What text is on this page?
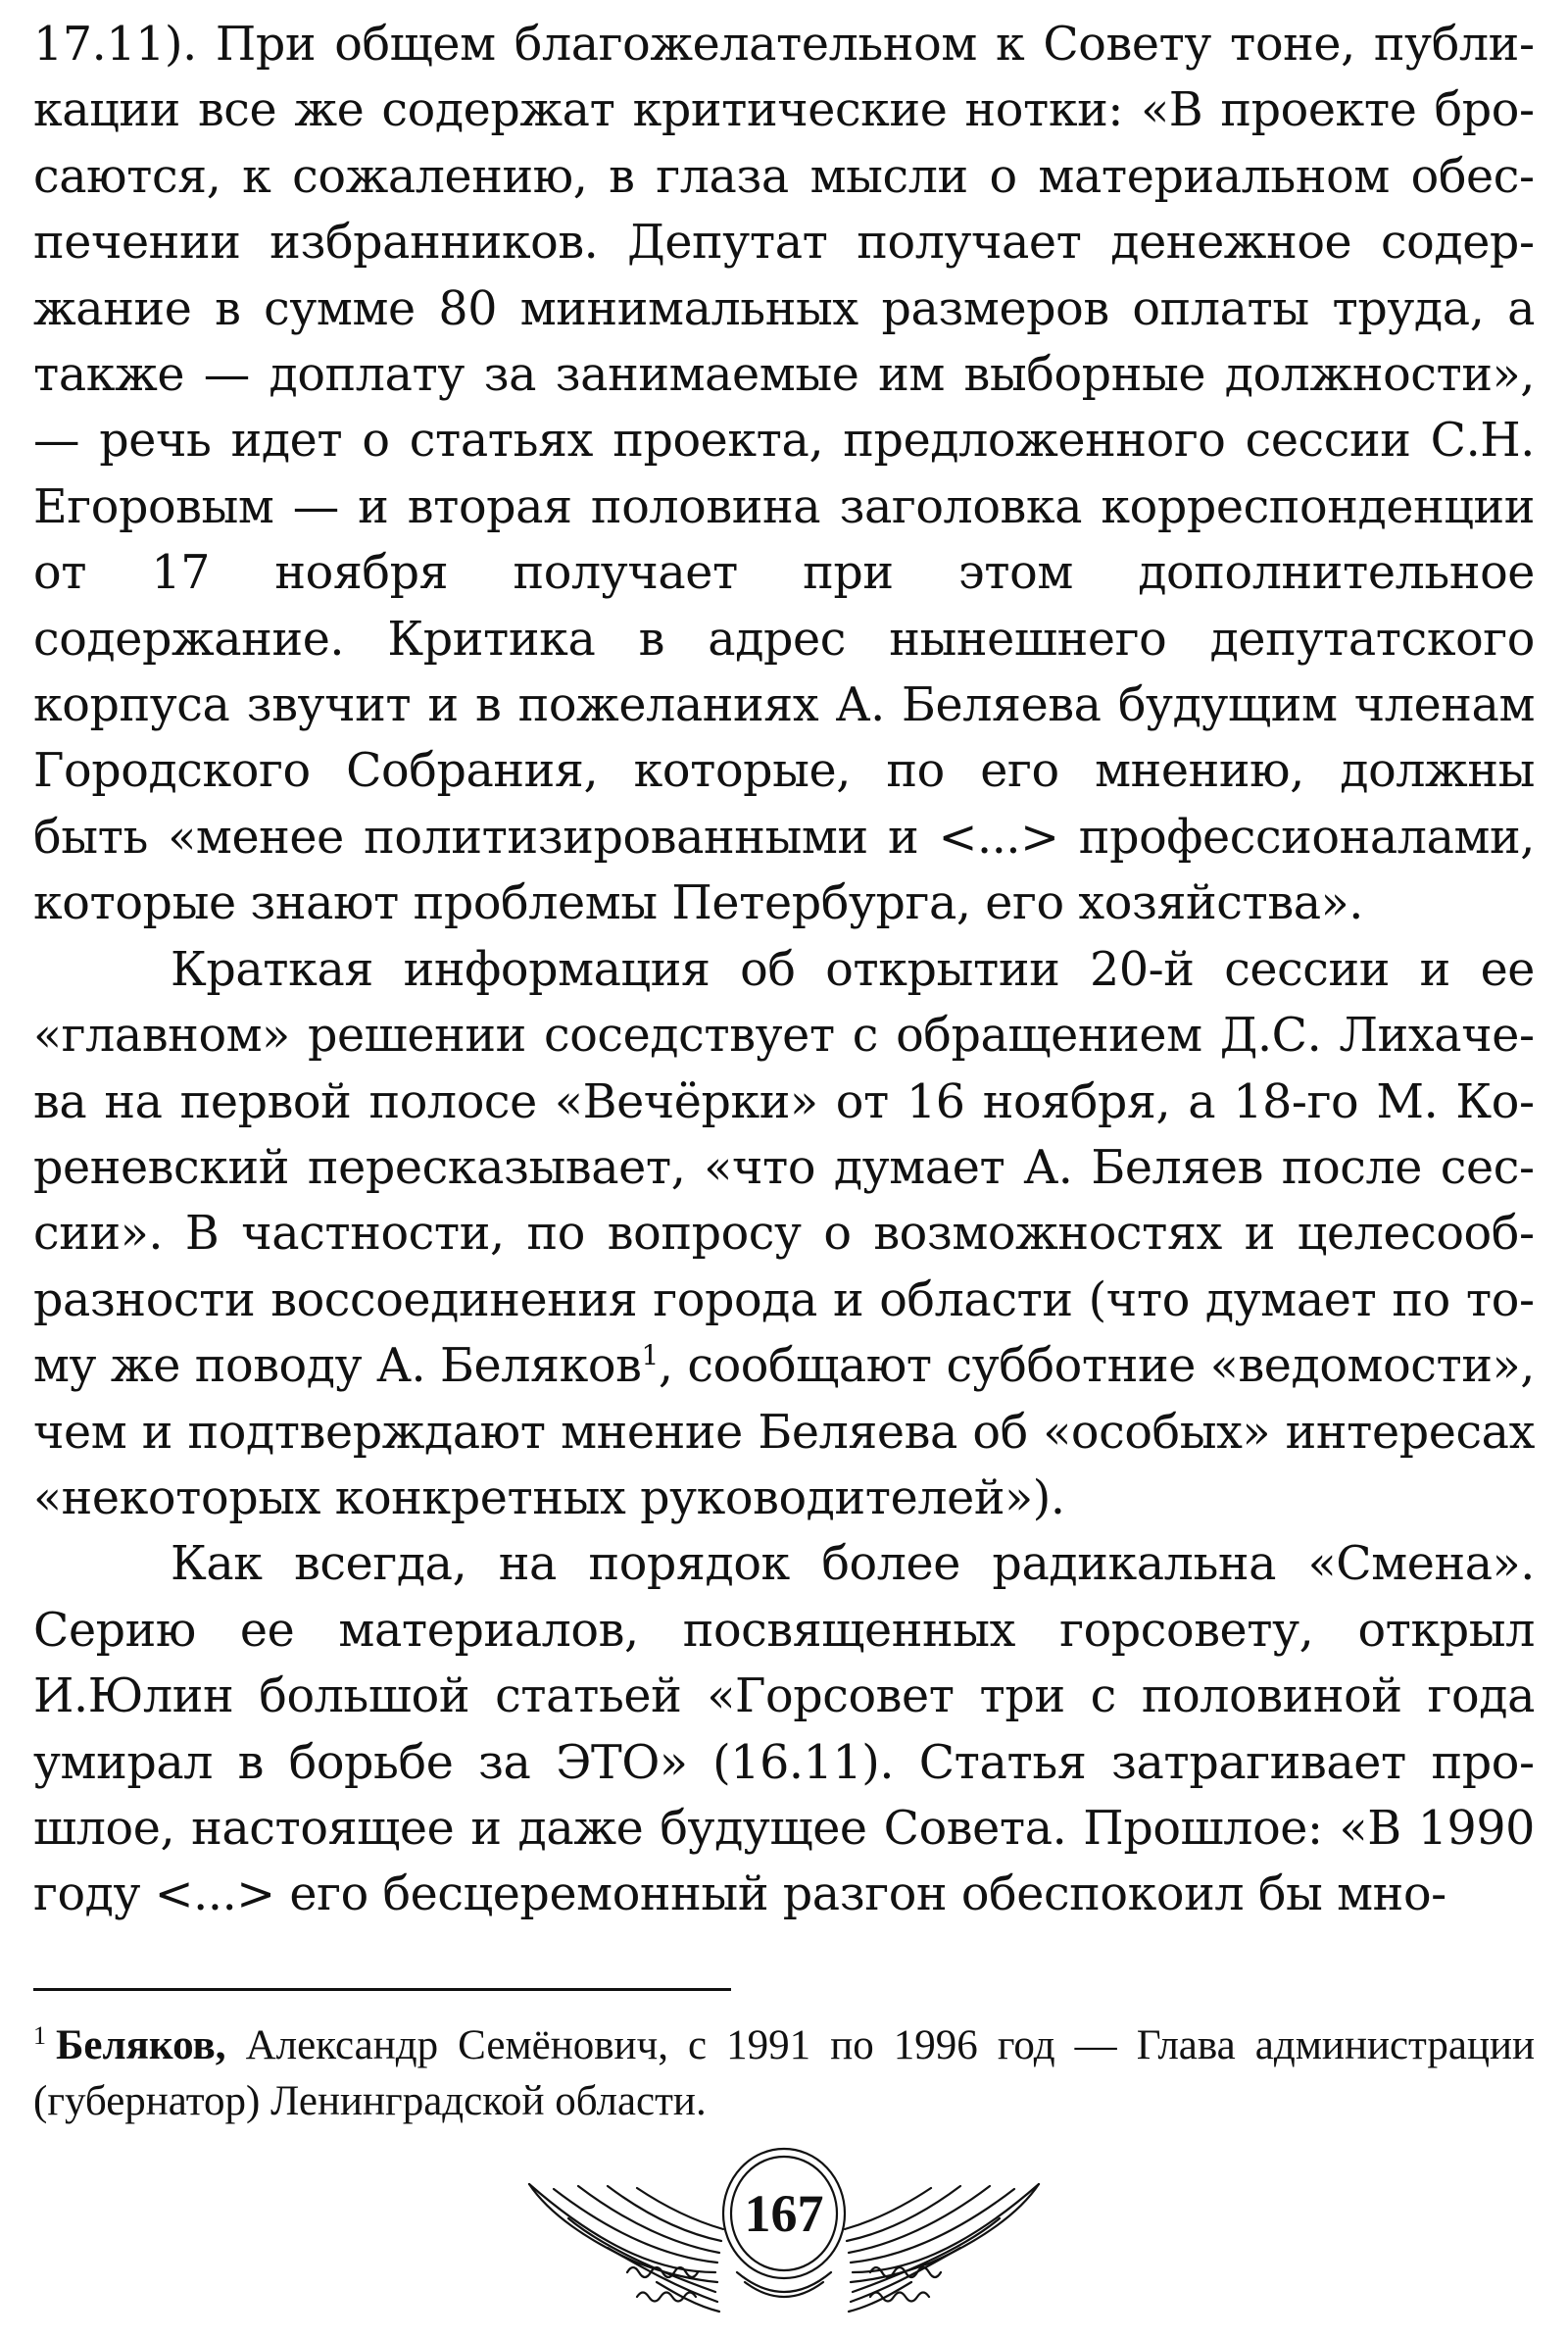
17.11). При общем благожелательном к Совету тоне, публикации все же содержат критические нотки: «В проекте бросаются, к сожалению, в глаза мысли о материальном обеспечении избранников. Депутат получает денежное содержание в сумме 80 минимальных размеров оплаты труда, а также — доплату за занимаемые им выборные должности», — речь идет о статьях проекта, предложенного сессии С.Н. Егоровым — и вторая половина заголовка корреспонденции от 17 ноября получает при этом дополнительное содержание. Критика в адрес нынешнего депутатского корпуса звучит и в пожеланиях А. Беляева будущим членам Городского Собрания, которые, по его мнению, должны быть «менее политизированными и <...> профессионалами, которые знают проблемы Петербурга, его хозяйства».

Краткая информация об открытии 20-й сессии и ее «главном» решении соседствует с обращением Д.С. Лихачева на первой полосе «Вечёрки» от 16 ноября, а 18-го М. Кореневский пересказывает, «что думает А. Беляев после сессии». В частности, по вопросу о возможностях и целесообразности воссоединения города и области (что думает по тому же поводу А. Беляков$^1$, сообщают субботние «ведомости», чем и подтверждают мнение Беляева об «особых» интересах «некоторых конкретных руководителей»).

Как всегда, на порядок более радикальна «Смена». Серию ее материалов, посвященных горсовету, открыл И.Юлин большой статьей «Горсовет три с половиной года умирал в борьбе за ЭТО» (16.11). Статья затрагивает прошлое, настоящее и даже будущее Совета. Прошлое: «В 1990 году <...> его бесцеремонный разгон обеспокоил бы мно-

$^1$ Беляков, Александр Семёнович, с 1991 по 1996 год — Глава администрации (губернатор) Ленинградской области.

167
